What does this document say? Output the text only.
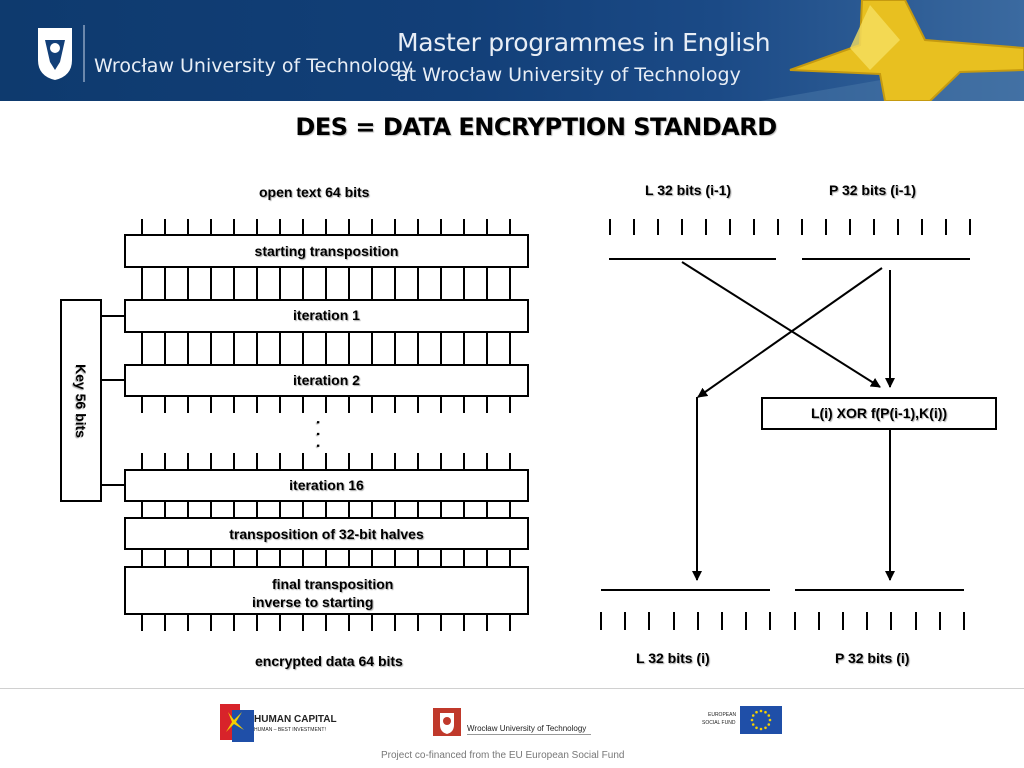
Wrocław University of Technology
Master programmes in English
at Wrocław University of Technology
DES = DATA ENCRYPTION STANDARD
open text 64 bits
starting transposition
iteration 1
iteration 2
· · ·
iteration 16
transposition of 32-bit halves
final transposition
inverse to starting
Key 56 bits
encrypted data 64 bits
L 32 bits (i-1)	P 32 bits (i-1)
L(i) XOR f(P(i-1),K(i))
L 32 bits (i)	P 32 bits (i)
HUMAN CAPITAL
HUMAN – BEST INVESTMENT!	Wrocław University of Technology
EUROPEAN
SOCIAL FUND
Project co-financed from the EU European Social Fund
